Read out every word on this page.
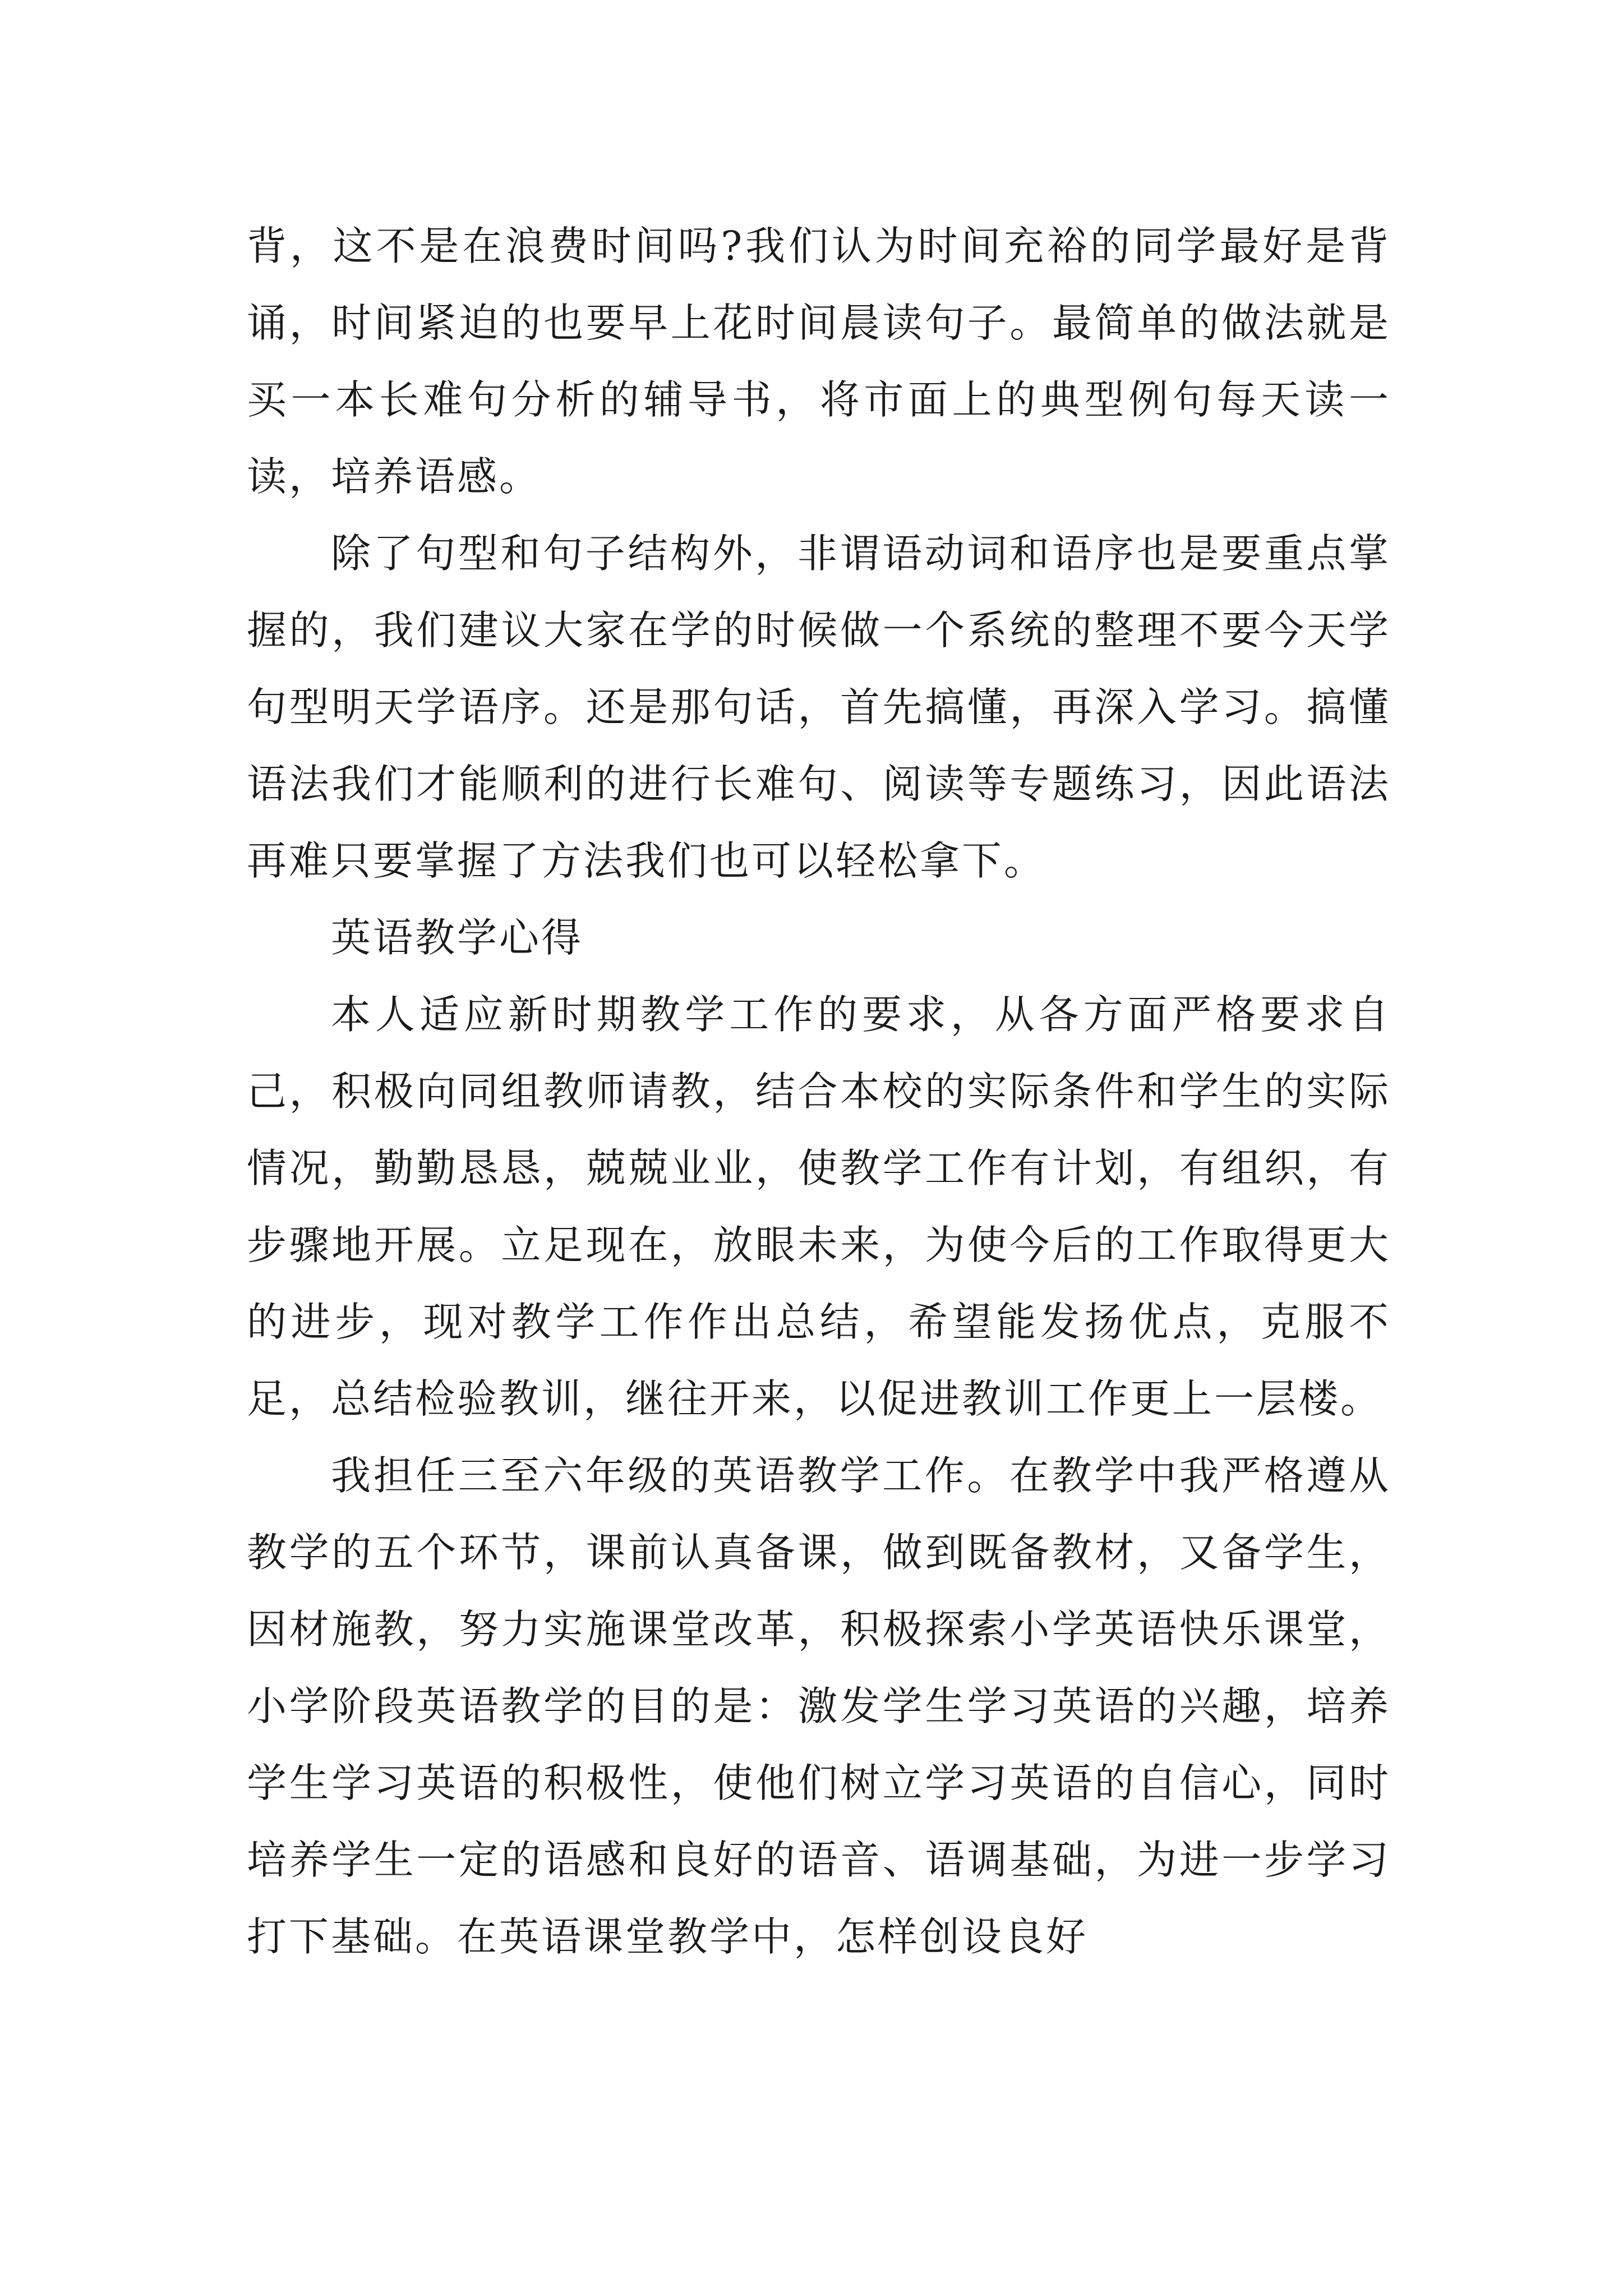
背，这不是在浪费时间吗?我们认为时间充裕的同学最好是背诵，时间紧迫的也要早上花时间晨读句子。最简单的做法就是买一本长难句分析的辅导书，将市面上的典型例句每天读一读，培养语感。

除了句型和句子结构外，非谓语动词和语序也是要重点掌握的，我们建议大家在学的时候做一个系统的整理不要今天学句型明天学语序。还是那句话，首先搞懂，再深入学习。搞懂语法我们才能顺利的进行长难句、阅读等专题练习，因此语法再难只要掌握了方法我们也可以轻松拿下。

英语教学心得

本人适应新时期教学工作的要求，从各方面严格要求自己，积极向同组教师请教，结合本校的实际条件和学生的实际情况，勤勤恳恳，兢兢业业，使教学工作有计划，有组织，有步骤地开展。立足现在，放眼未来，为使今后的工作取得更大的进步，现对教学工作作出总结，希望能发扬优点，克服不足，总结检验教训，继往开来，以促进教训工作更上一层楼。

我担任三至六年级的英语教学工作。在教学中我严格遵从教学的五个环节，课前认真备课，做到既备教材，又备学生，因材施教，努力实施课堂改革，积极探索小学英语快乐课堂，小学阶段英语教学的目的是：激发学生学习英语的兴趣，培养学生学习英语的积极性，使他们树立学习英语的自信心，同时培养学生一定的语感和良好的语音、语调基础，为进一步学习打下基础。在英语课堂教学中，怎样创设良好
